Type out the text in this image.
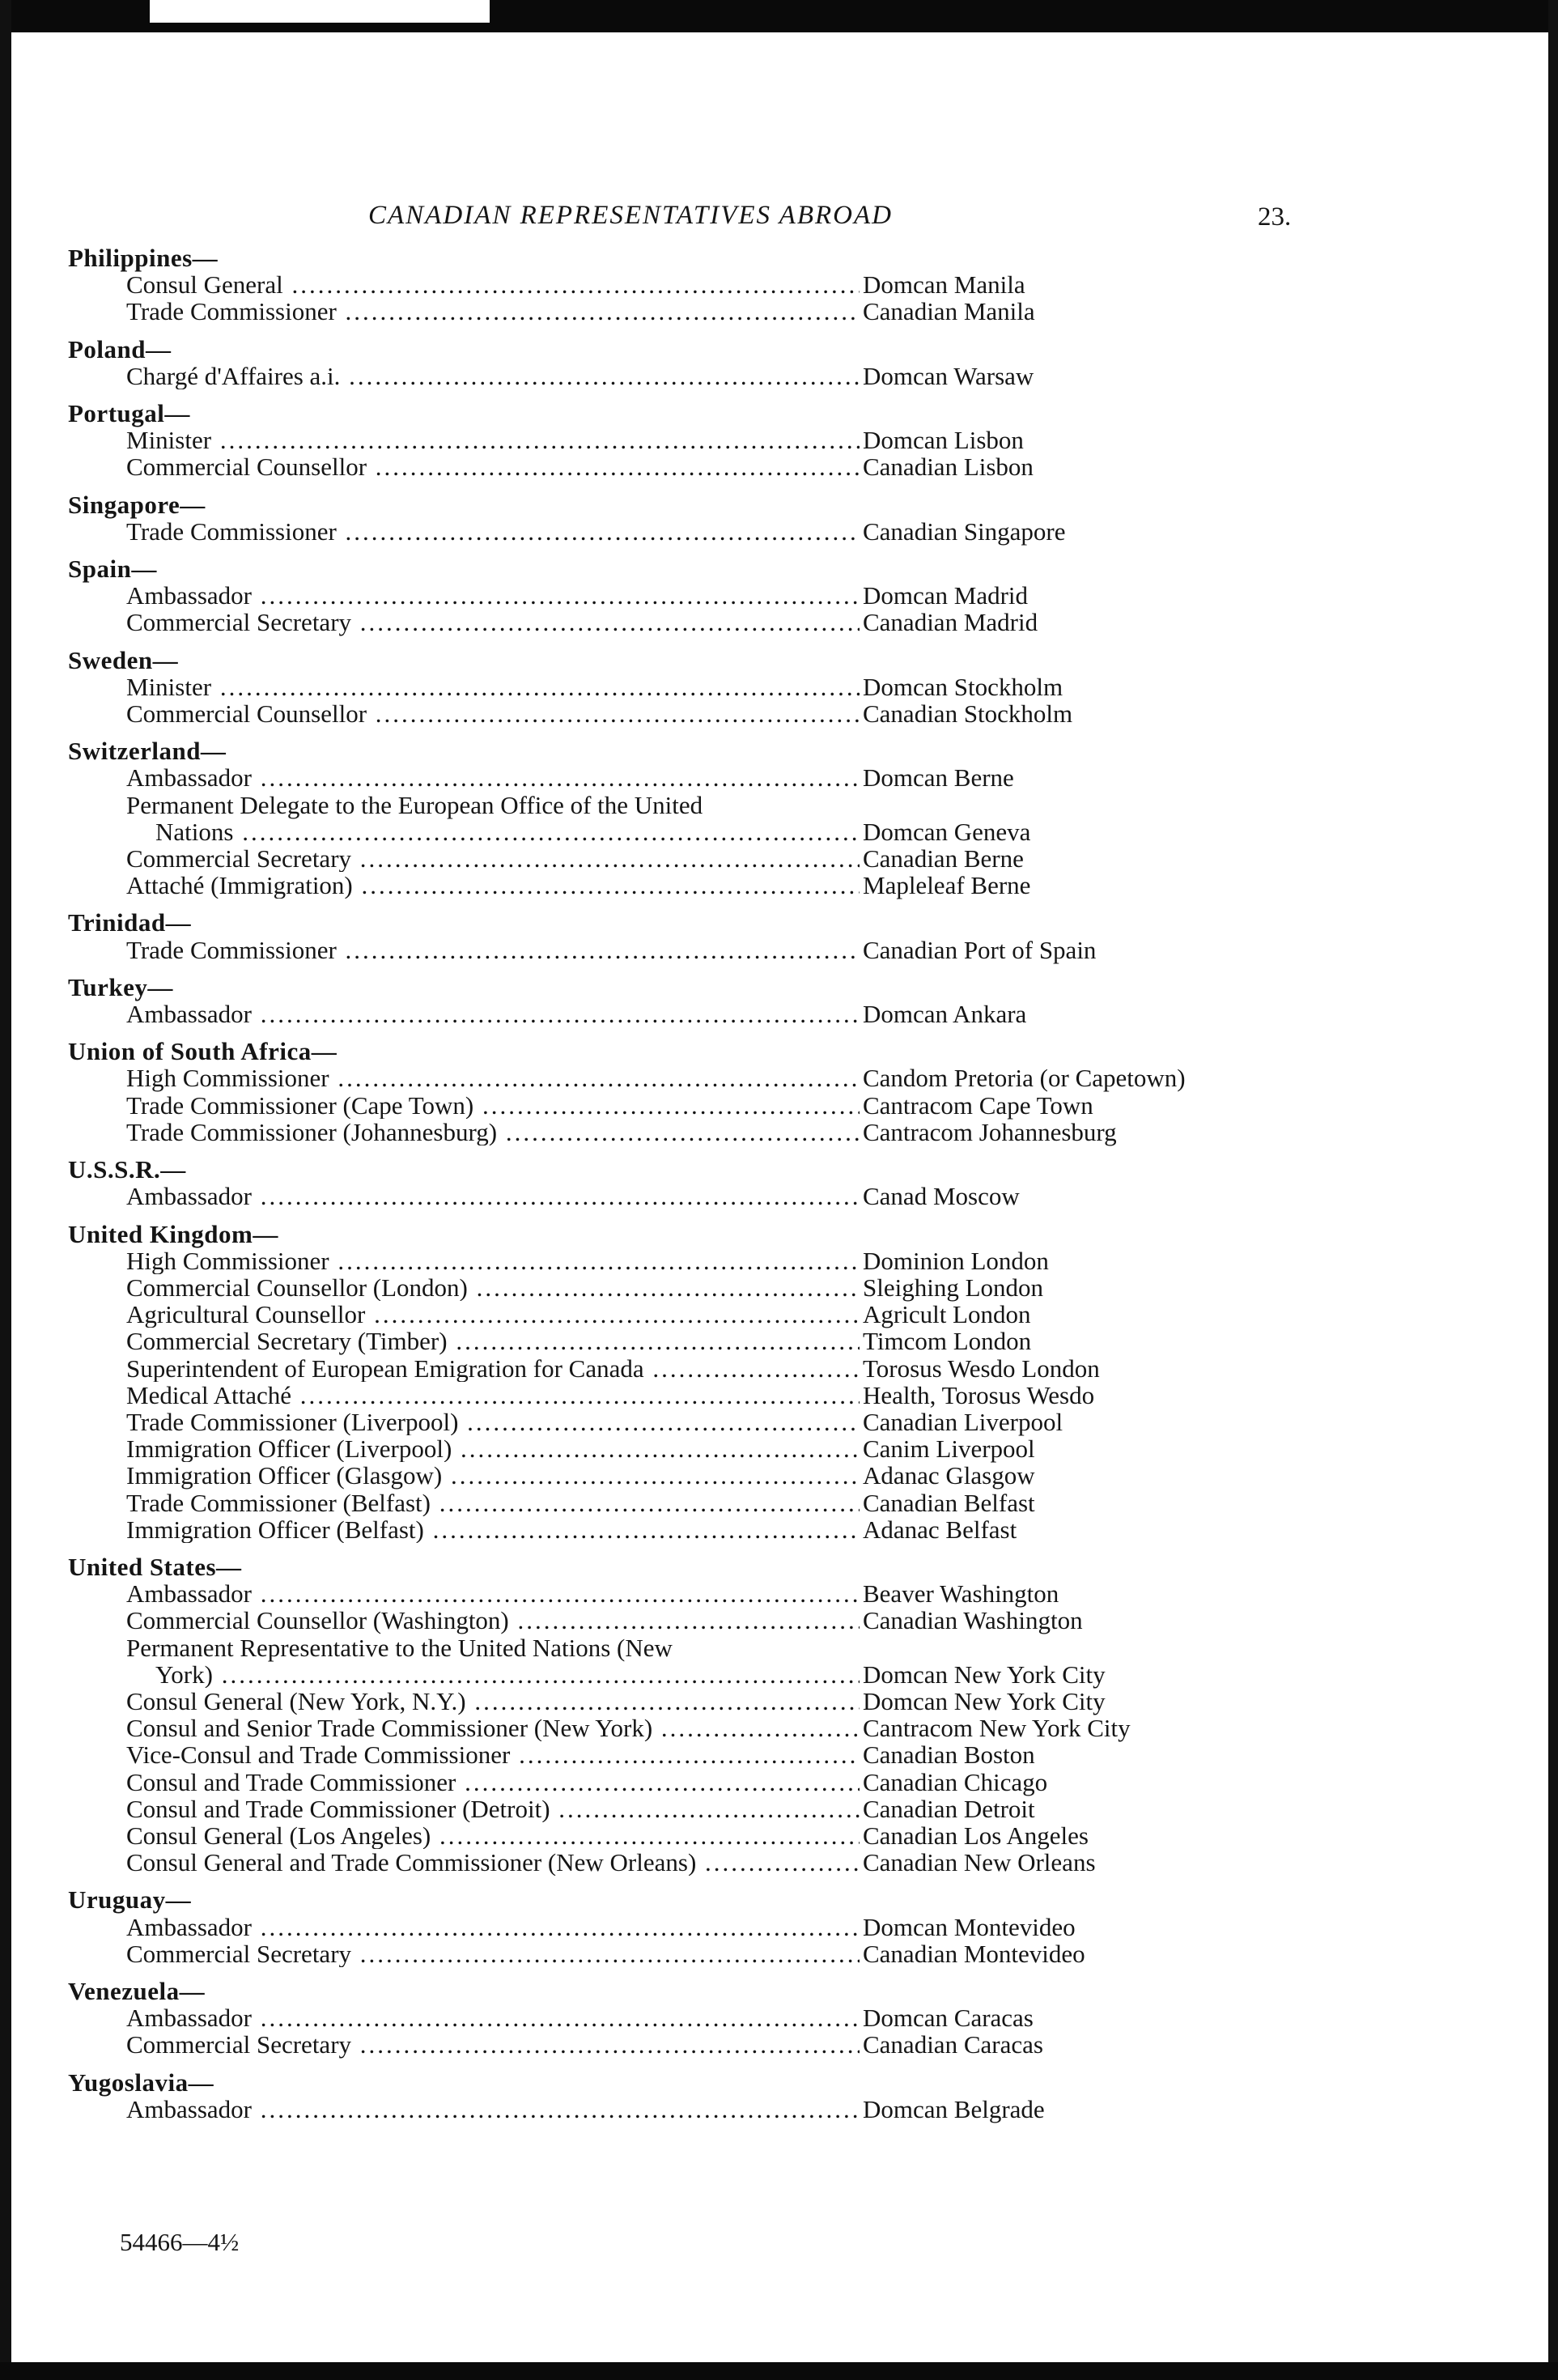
CANADIAN REPRESENTATIVES ABROAD	23.
Philippines—
Consul General .....	Domcan Manila
Trade Commissioner .....	Canadian Manila
Poland—
Chargé d'Affaires a.i. .....	Domcan Warsaw
Portugal—
Minister .....	Domcan Lisbon
Commercial Counsellor .....	Canadian Lisbon
Singapore—
Trade Commissioner .....	Canadian Singapore
Spain—
Ambassador .....	Domcan Madrid
Commercial Secretary .....	Canadian Madrid
Sweden—
Minister .....	Domcan Stockholm
Commercial Counsellor .....	Canadian Stockholm
Switzerland—
Ambassador .....	Domcan Berne
Permanent Delegate to the European Office of the United
Nations .....	Domcan Geneva
Commercial Secretary .....	Canadian Berne
Attaché (Immigration) .....	Mapleleaf Berne
Trinidad—
Trade Commissioner .....	Canadian Port of Spain
Turkey—
Ambassador .....	Domcan Ankara
Union of South Africa—
High Commissioner .....	Candom Pretoria (or Capetown)
Trade Commissioner (Cape Town) .....	Cantracom Cape Town
Trade Commissioner (Johannesburg) .....	Cantracom Johannesburg
U.S.S.R.—
Ambassador .....	Canad Moscow
United Kingdom—
High Commissioner .....	Dominion London
Commercial Counsellor (London) .....	Sleighing London
Agricultural Counsellor .....	Agricult London
Commercial Secretary (Timber) .....	Timcom London
Superintendent of European Emigration for Canada .....	Torosus Wesdo London
Medical Attaché .....	Health, Torosus Wesdo
Trade Commissioner (Liverpool) .....	Canadian Liverpool
Immigration Officer (Liverpool) .....	Canim Liverpool
Immigration Officer (Glasgow) .....	Adanac Glasgow
Trade Commissioner (Belfast) .....	Canadian Belfast
Immigration Officer (Belfast) .....	Adanac Belfast
United States—
Ambassador .....	Beaver Washington
Commercial Counsellor (Washington) .....	Canadian Washington
Permanent Representative to the United Nations (New
York) .....	Domcan New York City
Consul General (New York, N.Y.) .....	Domcan New York City
Consul and Senior Trade Commissioner (New York) .....	Cantracom New York City
Vice-Consul and Trade Commissioner .....	Canadian Boston
Consul and Trade Commissioner .....	Canadian Chicago
Consul and Trade Commissioner (Detroit) .....	Canadian Detroit
Consul General (Los Angeles) .....	Canadian Los Angeles
Consul General and Trade Commissioner (New Orleans) .....	Canadian New Orleans
Uruguay—
Ambassador .....	Domcan Montevideo
Commercial Secretary .....	Canadian Montevideo
Venezuela—
Ambassador .....	Domcan Caracas
Commercial Secretary .....	Canadian Caracas
Yugoslavia—
Ambassador .....	Domcan Belgrade
54466—4½
